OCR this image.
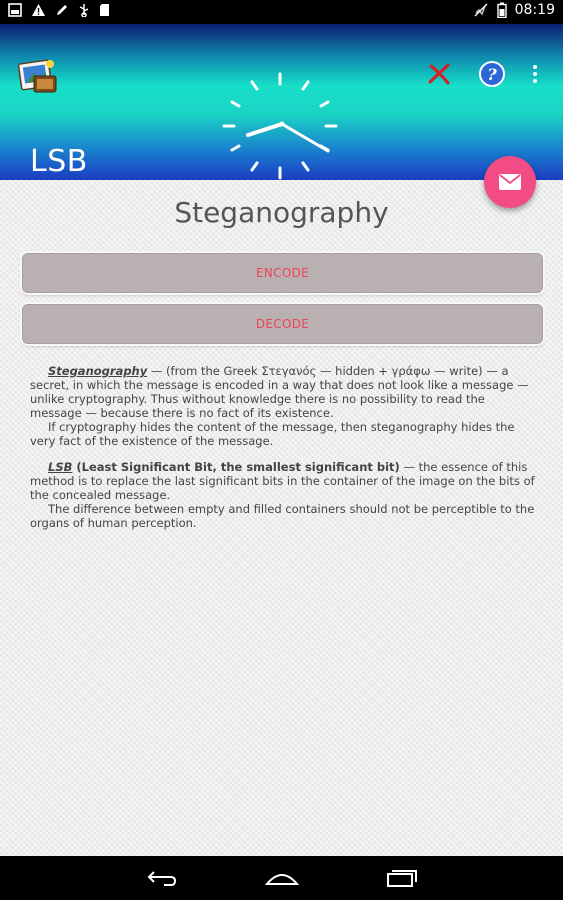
08:19
LSB
?
Steganography
ENCODE
DECODE

Steganography — (from the Greek Στεγανός — hidden + γράφω — write) — a secret, in which the message is encoded in a way that does not look like a message — unlike cryptography. Thus without knowledge there is no possibility to read the message — because there is no fact of its existence.

If cryptography hides the content of the message, then steganography hides the very fact of the existence of the message.

LSB (Least Significant Bit, the smallest significant bit) — the essence of this method is to replace the last significant bits in the container of the image on the bits of the concealed message.

The difference between empty and filled containers should not be perceptible to the organs of human perception.
